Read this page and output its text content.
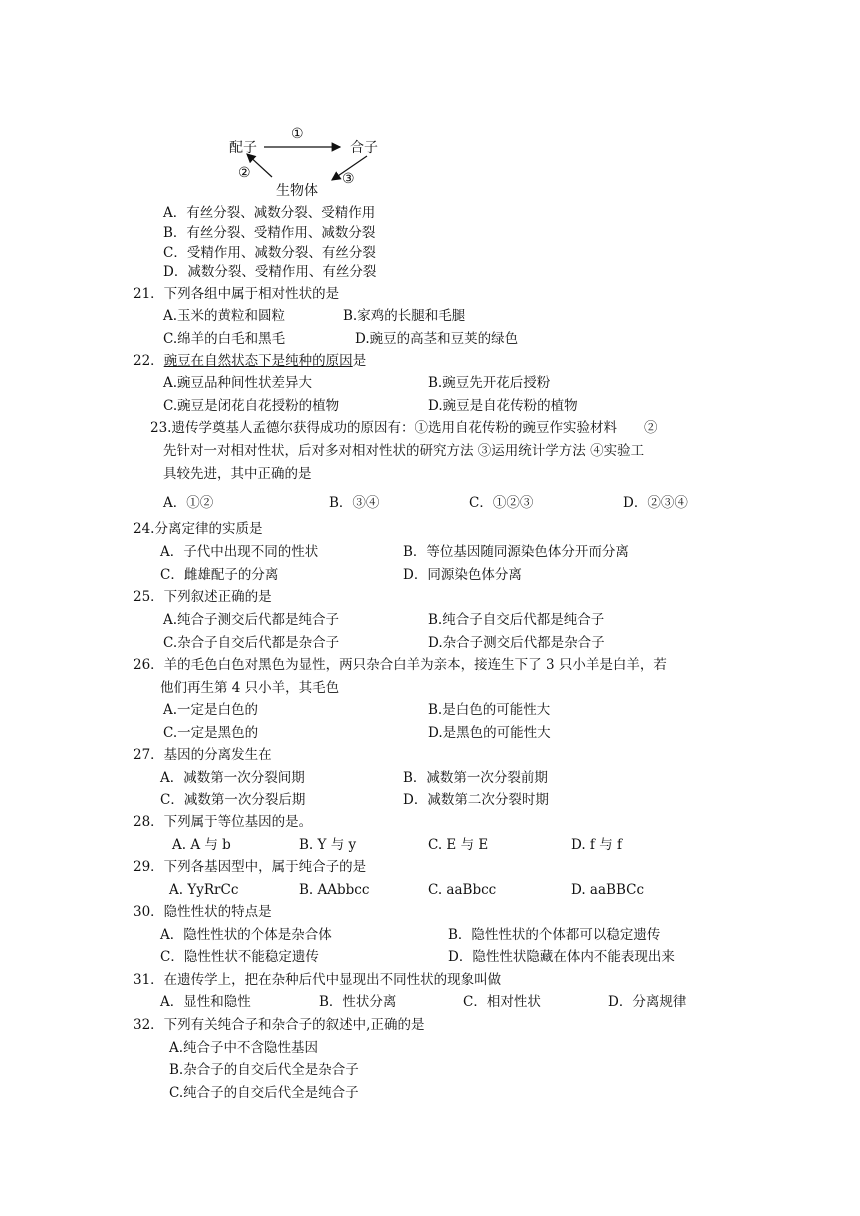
配子	合子
生物体
①
②	③
A．有丝分裂、减数分裂、受精作用
B．有丝分裂、受精作用、减数分裂
C．受精作用、减数分裂、有丝分裂
D．减数分裂、受精作用、有丝分裂
21．下列各组中属于相对性状的是
A.玉米的黄粒和圆粒	B.家鸡的长腿和毛腿
C.绵羊的白毛和黑毛	D.豌豆的高茎和豆荚的绿色
22．豌豆在自然状态下是纯种的原因是
A.豌豆品种间性状差异大	B.豌豆先开花后授粉
C.豌豆是闭花自花授粉的植物	D.豌豆是自花传粉的植物
23.遗传学奠基人孟德尔获得成功的原因有：①选用自花传粉的豌豆作实验材料　　②
先针对一对相对性状，后对多对相对性状的研究方法 ③运用统计学方法 ④实验工
具较先进，其中正确的是
A．①②	B．③④	C．①②③	D．②③④
24.分离定律的实质是
A．子代中出现不同的性状	B．等位基因随同源染色体分开而分离
C．雌雄配子的分离	D．同源染色体分离
25．下列叙述正确的是
A.纯合子测交后代都是纯合子	B.纯合子自交后代都是纯合子
C.杂合子自交后代都是杂合子	D.杂合子测交后代都是杂合子
26．羊的毛色白色对黑色为显性，两只杂合白羊为亲本，接连生下了 3 只小羊是白羊，若
他们再生第 4 只小羊，其毛色
A.一定是白色的	B.是白色的可能性大
C.一定是黑色的	D.是黑色的可能性大
27．基因的分离发生在
A．减数第一次分裂间期	B．减数第一次分裂前期
C．减数第一次分裂后期	D．减数第二次分裂时期
28．下列属于等位基因的是。
A. A 与 b	B. Y 与 y	C. E 与 E	D. f 与 f
29．下列各基因型中，属于纯合子的是
A. YyRrCc	B. AAbbcc	C. aaBbcc	D. aaBBCc
30．隐性性状的特点是
A．隐性性状的个体是杂合体	B．隐性性状的个体都可以稳定遗传
C．隐性性状不能稳定遗传	D．隐性性状隐藏在体内不能表现出来
31．在遗传学上，把在杂种后代中显现出不同性状的现象叫做
A．显性和隐性	B．性状分离	C．相对性状	D．分离规律
32．下列有关纯合子和杂合子的叙述中,正确的是
A.纯合子中不含隐性基因
B.杂合子的自交后代全是杂合子
C.纯合子的自交后代全是纯合子
